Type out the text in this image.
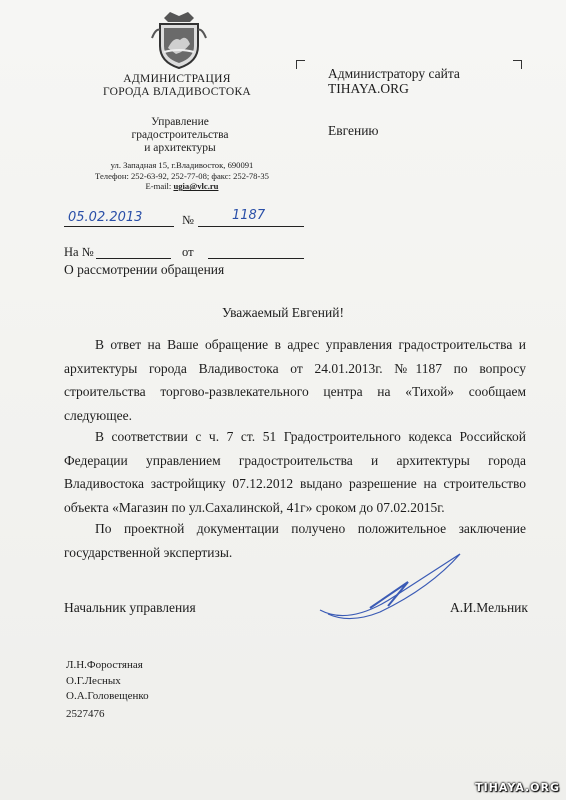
АДМИНИСТРАЦИЯ
ГОРОДА ВЛАДИВОСТОКА
Управление
градостроительства
и архитектуры
ул. Западная 15, г.Владивосток, 690091
Телефон: 252-63-92, 252-77-08; факс: 252-78-35
E-mail: ugia@vlc.ru
Администратору сайта
TIHAYA.ORG
Евгению
05.02.2013	№	1187
На №	от
О рассмотрении обращения
Уважаемый Евгений!
В ответ на Ваше обращение в адрес управления градостроительства и архитектуры города Владивостока от 24.01.2013г. №1187 по вопросу строительства торгово-развлекательного центра на «Тихой» сообщаем следующее.
В соответствии с ч. 7 ст. 51 Градостроительного кодекса Российской Федерации управлением градостроительства и архитектуры города Владивостока застройщику 07.12.2012 выдано разрешение на строительство объекта «Магазин по ул.Сахалинской, 41г» сроком до 07.02.2015г.
По проектной документации получено положительное заключение государственной экспертизы.
Начальник управления	А.И.Мельник
Л.Н.Форостяная
О.Г.Лесных
О.А.Головещенко
2527476
TIHAYA.ORG
